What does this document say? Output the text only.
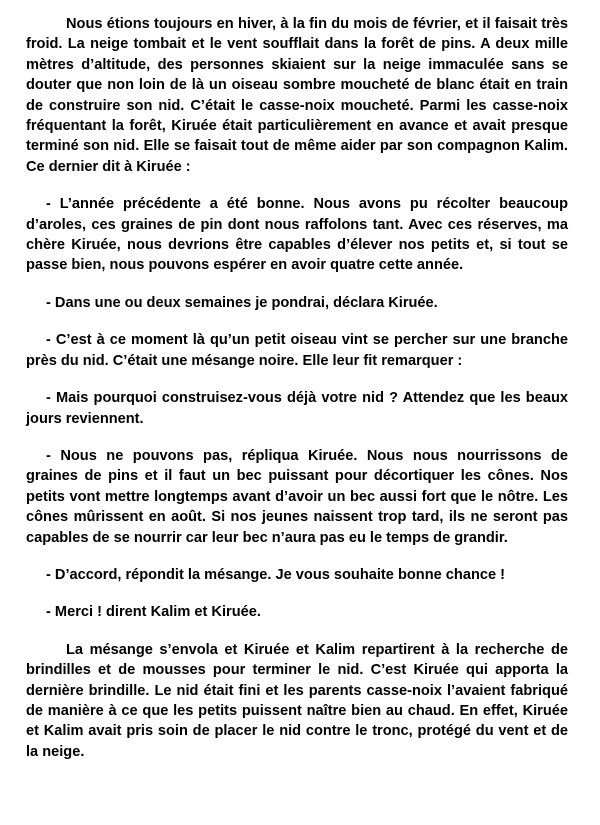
Nous étions toujours en hiver, à la fin du mois de février, et il faisait très froid. La neige tombait et le vent soufflait dans la forêt de pins. A deux mille mètres d’altitude, des personnes skiaient sur la neige immaculée sans se douter que non loin de là un oiseau sombre moucheté de blanc était en train de construire son nid. C’était le casse-noix moucheté. Parmi les casse-noix fréquentant la forêt, Kiruée était particulièrement en avance et avait presque terminé son nid. Elle se faisait tout de même aider par son compagnon Kalim. Ce dernier dit à Kiruée :

- L’année précédente a été bonne. Nous avons pu récolter beaucoup d’aroles, ces graines de pin dont nous raffolons tant. Avec ces réserves, ma chère Kiruée, nous devrions être capables d’élever nos petits et, si tout se passe bien, nous pouvons espérer en avoir quatre cette année.

- Dans une ou deux semaines je pondrai, déclara Kiruée.

- C’est à ce moment là qu’un petit oiseau vint se percher sur une branche près du nid. C’était une mésange noire. Elle leur fit remarquer :

- Mais pourquoi construisez-vous déjà votre nid ? Attendez que les beaux jours reviennent.

- Nous ne pouvons pas, répliqua Kiruée. Nous nous nourrissons de graines de pins et il faut un bec puissant pour décortiquer les cônes. Nos petits vont mettre longtemps avant d’avoir un bec aussi fort que le nôtre. Les cônes mûrissent en août. Si nos jeunes naissent trop tard, ils ne seront pas capables de se nourrir car leur bec n’aura pas eu le temps de grandir.

- D’accord, répondit la mésange. Je vous souhaite bonne chance !

- Merci ! dirent Kalim et Kiruée.

La mésange s’envola et Kiruée et Kalim repartirent à la recherche de brindilles et de mousses pour terminer le nid. C’est Kiruée qui apporta la dernière brindille. Le nid était fini et les parents casse-noix l’avaient fabriqué de manière à ce que les petits puissent naître bien au chaud. En effet, Kiruée et Kalim avait pris soin de placer le nid contre le tronc, protégé du vent et de la neige.
